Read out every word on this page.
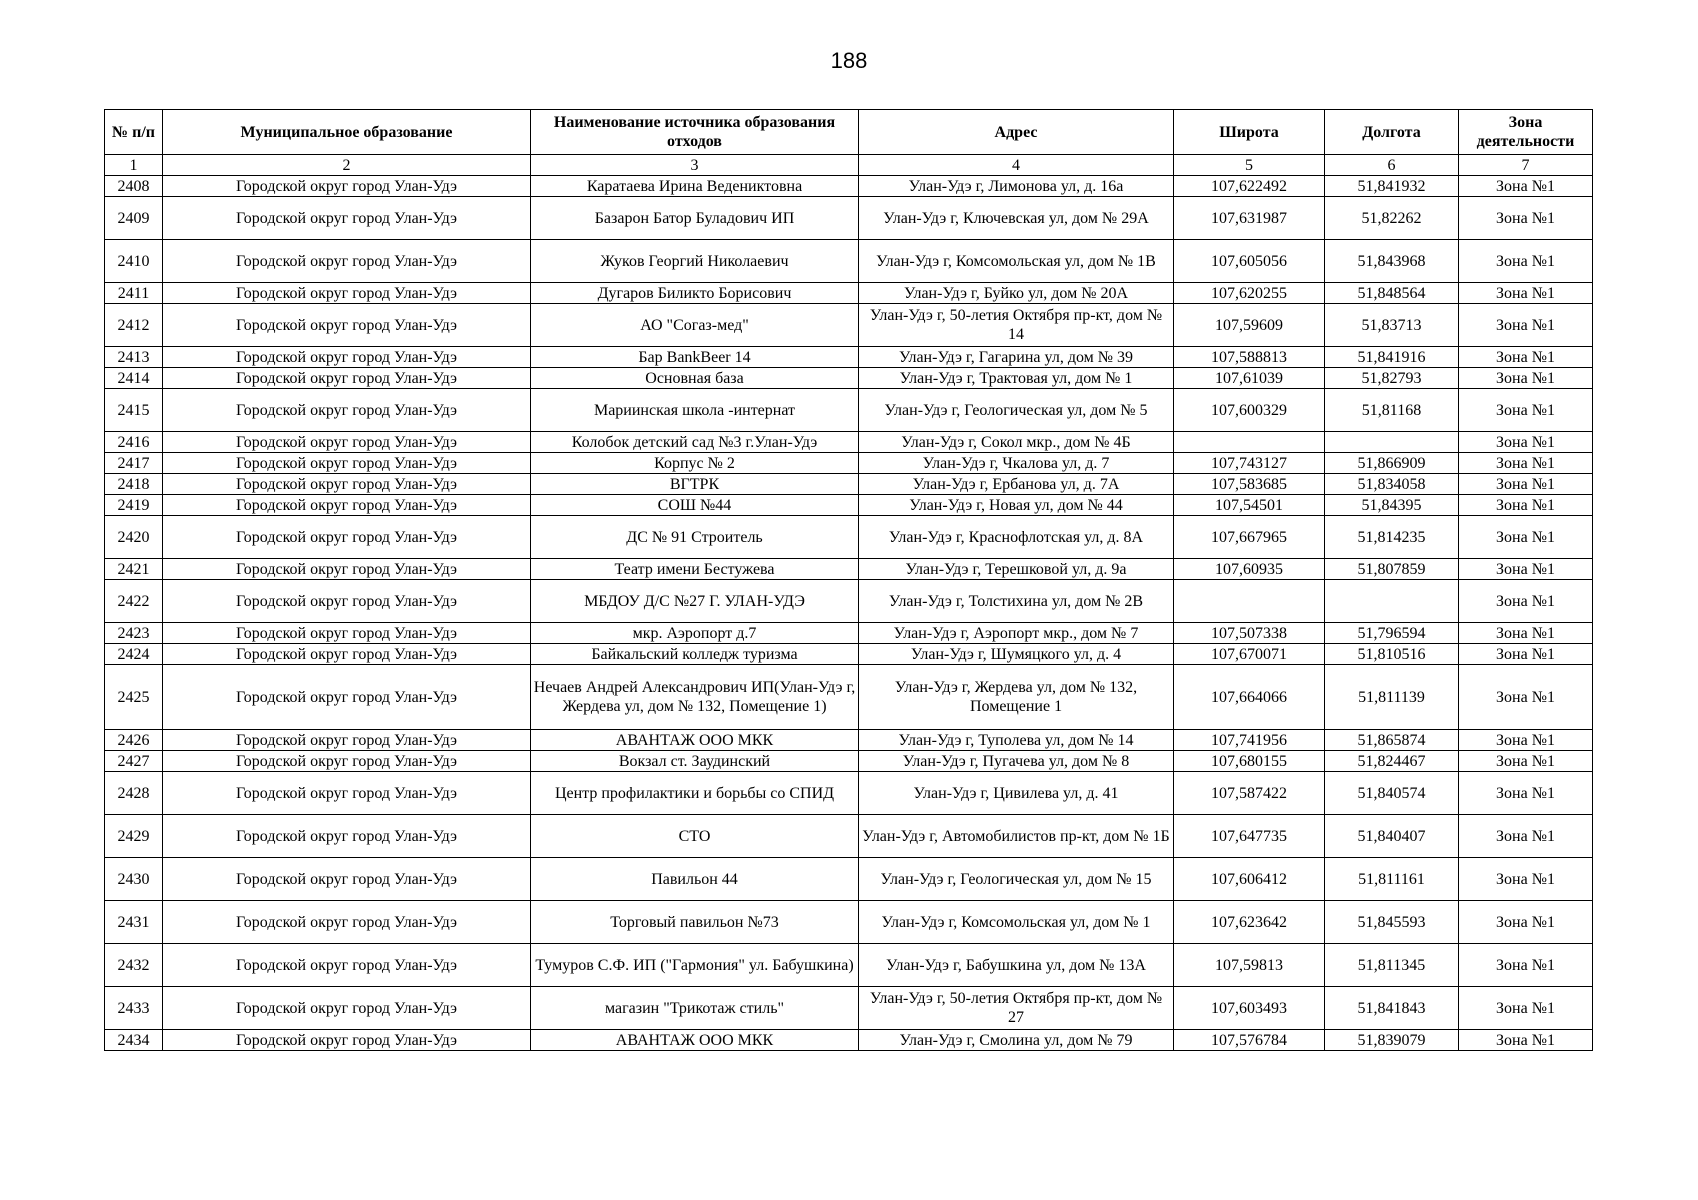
188
№ п/п	Муниципальное образование	Наименование источника образования отходов	Адрес	Широта	Долгота	Зона деятельности
1	2	3	4	5	6	7
2408	Городской округ город Улан-Удэ	Каратаева Ирина Ведениктовна	Улан-Удэ г, Лимонова ул, д. 16а	107,622492	51,841932	Зона №1
2409	Городской округ город Улан-Удэ	Базарон Батор Буладович ИП	Улан-Удэ г, Ключевская ул, дом № 29А	107,631987	51,82262	Зона №1
2410	Городской округ город Улан-Удэ	Жуков Георгий Николаевич	Улан-Удэ г, Комсомольская ул, дом № 1В	107,605056	51,843968	Зона №1
2411	Городской округ город Улан-Удэ	Дугаров Биликто Борисович	Улан-Удэ г, Буйко ул, дом № 20А	107,620255	51,848564	Зона №1
2412	Городской округ город Улан-Удэ	АО "Согаз-мед"	Улан-Удэ г, 50-летия Октября пр-кт, дом № 14	107,59609	51,83713	Зона №1
2413	Городской округ город Улан-Удэ	Бар BankBeer 14	Улан-Удэ г, Гагарина ул, дом № 39	107,588813	51,841916	Зона №1
2414	Городской округ город Улан-Удэ	Основная база	Улан-Удэ г, Трактовая ул, дом № 1	107,61039	51,82793	Зона №1
2415	Городской округ город Улан-Удэ	Мариинская школа -интернат	Улан-Удэ г, Геологическая ул, дом № 5	107,600329	51,81168	Зона №1
2416	Городской округ город Улан-Удэ	Колобок детский сад №3 г.Улан-Удэ	Улан-Удэ г, Сокол мкр., дом № 4Б			Зона №1
2417	Городской округ город Улан-Удэ	Корпус № 2	Улан-Удэ г, Чкалова ул, д. 7	107,743127	51,866909	Зона №1
2418	Городской округ город Улан-Удэ	ВГТРК	Улан-Удэ г, Ербанова ул, д. 7А	107,583685	51,834058	Зона №1
2419	Городской округ город Улан-Удэ	СОШ №44	Улан-Удэ г, Новая ул, дом № 44	107,54501	51,84395	Зона №1
2420	Городской округ город Улан-Удэ	ДС № 91 Строитель	Улан-Удэ г, Краснофлотская ул, д. 8А	107,667965	51,814235	Зона №1
2421	Городской округ город Улан-Удэ	Театр имени Бестужева	Улан-Удэ г, Терешковой ул, д. 9а	107,60935	51,807859	Зона №1
2422	Городской округ город Улан-Удэ	МБДОУ Д/С №27 Г. УЛАН-УДЭ	Улан-Удэ г, Толстихина ул, дом № 2В			Зона №1
2423	Городской округ город Улан-Удэ	мкр. Аэропорт д.7	Улан-Удэ г, Аэропорт мкр., дом № 7	107,507338	51,796594	Зона №1
2424	Городской округ город Улан-Удэ	Байкальский колледж туризма	Улан-Удэ г, Шумяцкого ул, д. 4	107,670071	51,810516	Зона №1
2425	Городской округ город Улан-Удэ	Нечаев Андрей Александрович ИП(Улан-Удэ г, Жердева ул, дом № 132, Помещение 1)	Улан-Удэ г, Жердева ул, дом № 132, Помещение 1	107,664066	51,811139	Зона №1
2426	Городской округ город Улан-Удэ	АВАНТАЖ ООО МКК	Улан-Удэ г, Туполева ул, дом № 14	107,741956	51,865874	Зона №1
2427	Городской округ город Улан-Удэ	Вокзал ст. Заудинский	Улан-Удэ г, Пугачева ул, дом № 8	107,680155	51,824467	Зона №1
2428	Городской округ город Улан-Удэ	Центр профилактики и борьбы со СПИД	Улан-Удэ г, Цивилева ул, д. 41	107,587422	51,840574	Зона №1
2429	Городской округ город Улан-Удэ	СТО	Улан-Удэ г, Автомобилистов пр-кт, дом № 1Б	107,647735	51,840407	Зона №1
2430	Городской округ город Улан-Удэ	Павильон 44	Улан-Удэ г, Геологическая ул, дом № 15	107,606412	51,811161	Зона №1
2431	Городской округ город Улан-Удэ	Торговый павильон №73	Улан-Удэ г, Комсомольская ул, дом № 1	107,623642	51,845593	Зона №1
2432	Городской округ город Улан-Удэ	Тумуров С.Ф. ИП ("Гармония" ул. Бабушкина)	Улан-Удэ г, Бабушкина ул, дом № 13А	107,59813	51,811345	Зона №1
2433	Городской округ город Улан-Удэ	магазин "Трикотаж стиль"	Улан-Удэ г, 50-летия Октября пр-кт, дом № 27	107,603493	51,841843	Зона №1
2434	Городской округ город Улан-Удэ	АВАНТАЖ ООО МКК	Улан-Удэ г, Смолина ул, дом № 79	107,576784	51,839079	Зона №1
